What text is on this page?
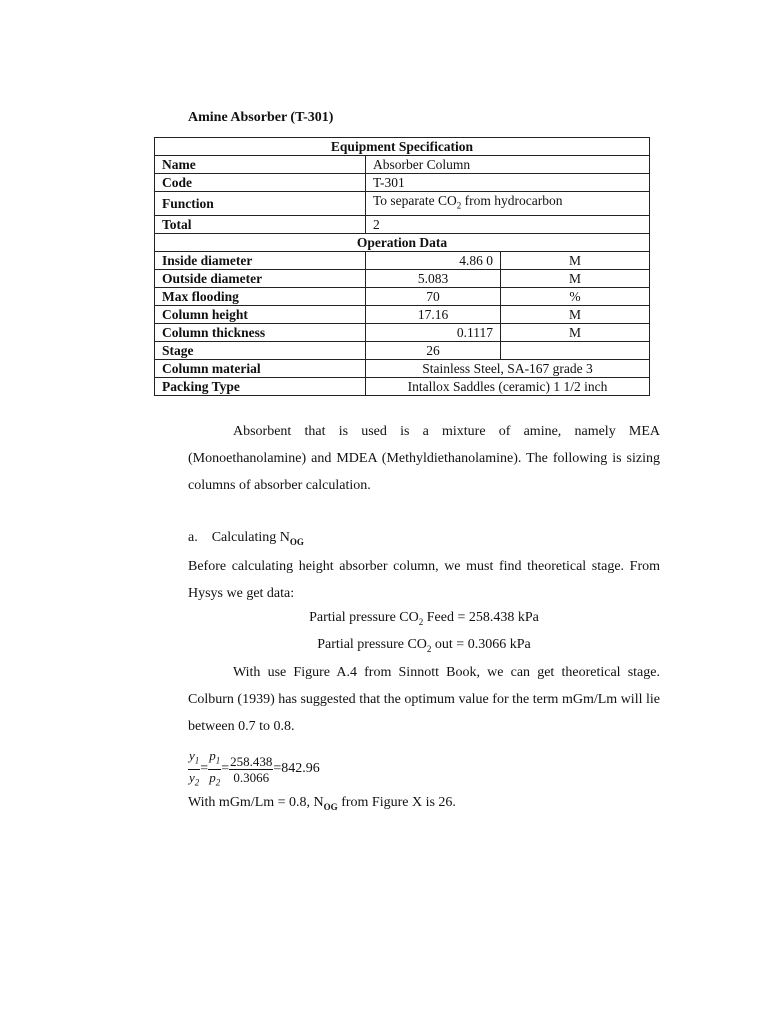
Amine Absorber (T-301)
Equipment Specification		
Name	Absorber Column	
Code	T-301	
Function	To separate $CO_2$ from hydrocarbon	
Total	2	
Operation Data		
Inside diameter	4.86 0	M
Outside diameter	5.083	M
Max flooding	70	%
Column height	17.16	M
Column thickness	0.1117	M
Stage	26	
Column material	Stainless Steel, SA-167 grade 3	
Packing Type	Intallox Saddles (ceramic) 1 1/2 inch	
Absorbent that is used is a mixture of amine, namely MEA (Monoethanolamine) and MDEA (Methyldiethanolamine). The following is sizing columns of absorber calculation.
a. Calculating $N_{OG}$
Before calculating height absorber column, we must find theoretical stage. From Hysys we get data:
Partial pressure $CO_2$ Feed = 258.438 kPa
Partial pressure $CO_2$ out = 0.3066 kPa
With use Figure A.4 from Sinnott Book, we can get theoretical stage. Colburn (1939) has suggested that the optimum value for the term mGm/Lm will lie between 0.7 to 0.8.
$\frac{y_1}{y_2} = \frac{p_1}{p_2} = \frac{258.438}{0.3066} =842.96$
With mGm/Lm = 0.8, $N_{OG}$ from Figure X is 26.
